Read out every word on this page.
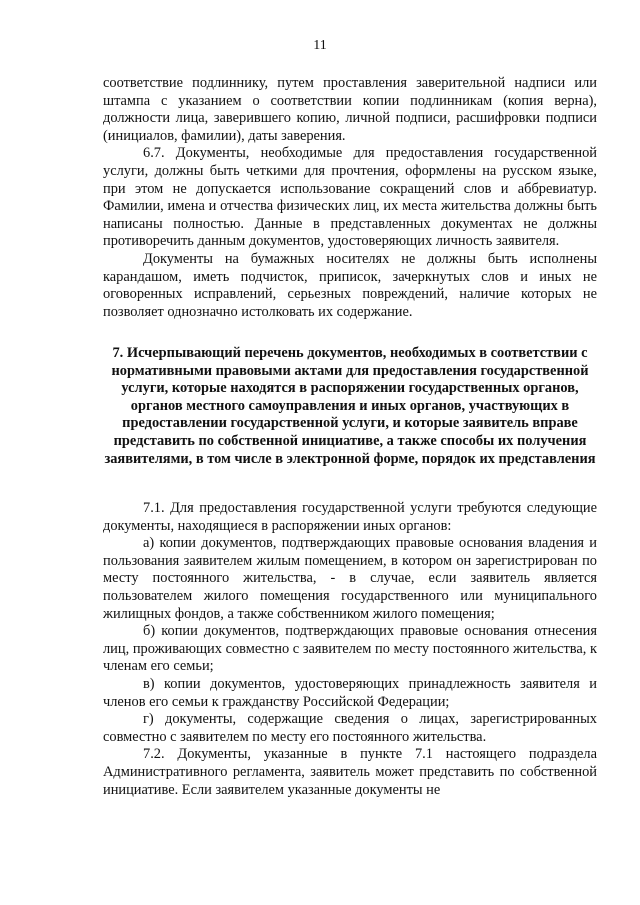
11

соответствие подлиннику, путем проставления заверительной надписи или штампа с указанием о соответствии копии подлинникам (копия верна), должности лица, заверившего копию, личной подписи, расшифровки подписи (инициалов, фамилии), даты заверения.

6.7. Документы, необходимые для предоставления государственной услуги, должны быть четкими для прочтения, оформлены на русском языке, при этом не допускается использование сокращений слов и аббревиатур. Фамилии, имена и отчества физических лиц, их места жительства должны быть написаны полностью. Данные в представленных документах не должны противоречить данным документов, удостоверяющих личность заявителя.

Документы на бумажных носителях не должны быть исполнены карандашом, иметь подчисток, приписок, зачеркнутых слов и иных не оговоренных исправлений, серьезных повреждений, наличие которых не позволяет однозначно истолковать их содержание.

7. Исчерпывающий перечень документов, необходимых в соответствии с нормативными правовыми актами для предоставления государственной услуги, которые находятся в распоряжении государственных органов, органов местного самоуправления и иных органов, участвующих в предоставлении государственной услуги, и которые заявитель вправе представить по собственной инициативе, а также способы их получения заявителями, в том числе в электронной форме, порядок их представления

7.1. Для предоставления государственной услуги требуются следующие документы, находящиеся в распоряжении иных органов:

а) копии документов, подтверждающих правовые основания владения и пользования заявителем жилым помещением, в котором он зарегистрирован по месту постоянного жительства, - в случае, если заявитель является пользователем жилого помещения государственного или муниципального жилищных фондов, а также собственником жилого помещения;

б) копии документов, подтверждающих правовые основания отнесения лиц, проживающих совместно с заявителем по месту постоянного жительства, к членам его семьи;

в) копии документов, удостоверяющих принадлежность заявителя и членов его семьи к гражданству Российской Федерации;

г) документы, содержащие сведения о лицах, зарегистрированных совместно с заявителем по месту его постоянного жительства.

7.2. Документы, указанные в пункте 7.1 настоящего подраздела Административного регламента, заявитель может представить по собственной инициативе. Если заявителем указанные документы не
